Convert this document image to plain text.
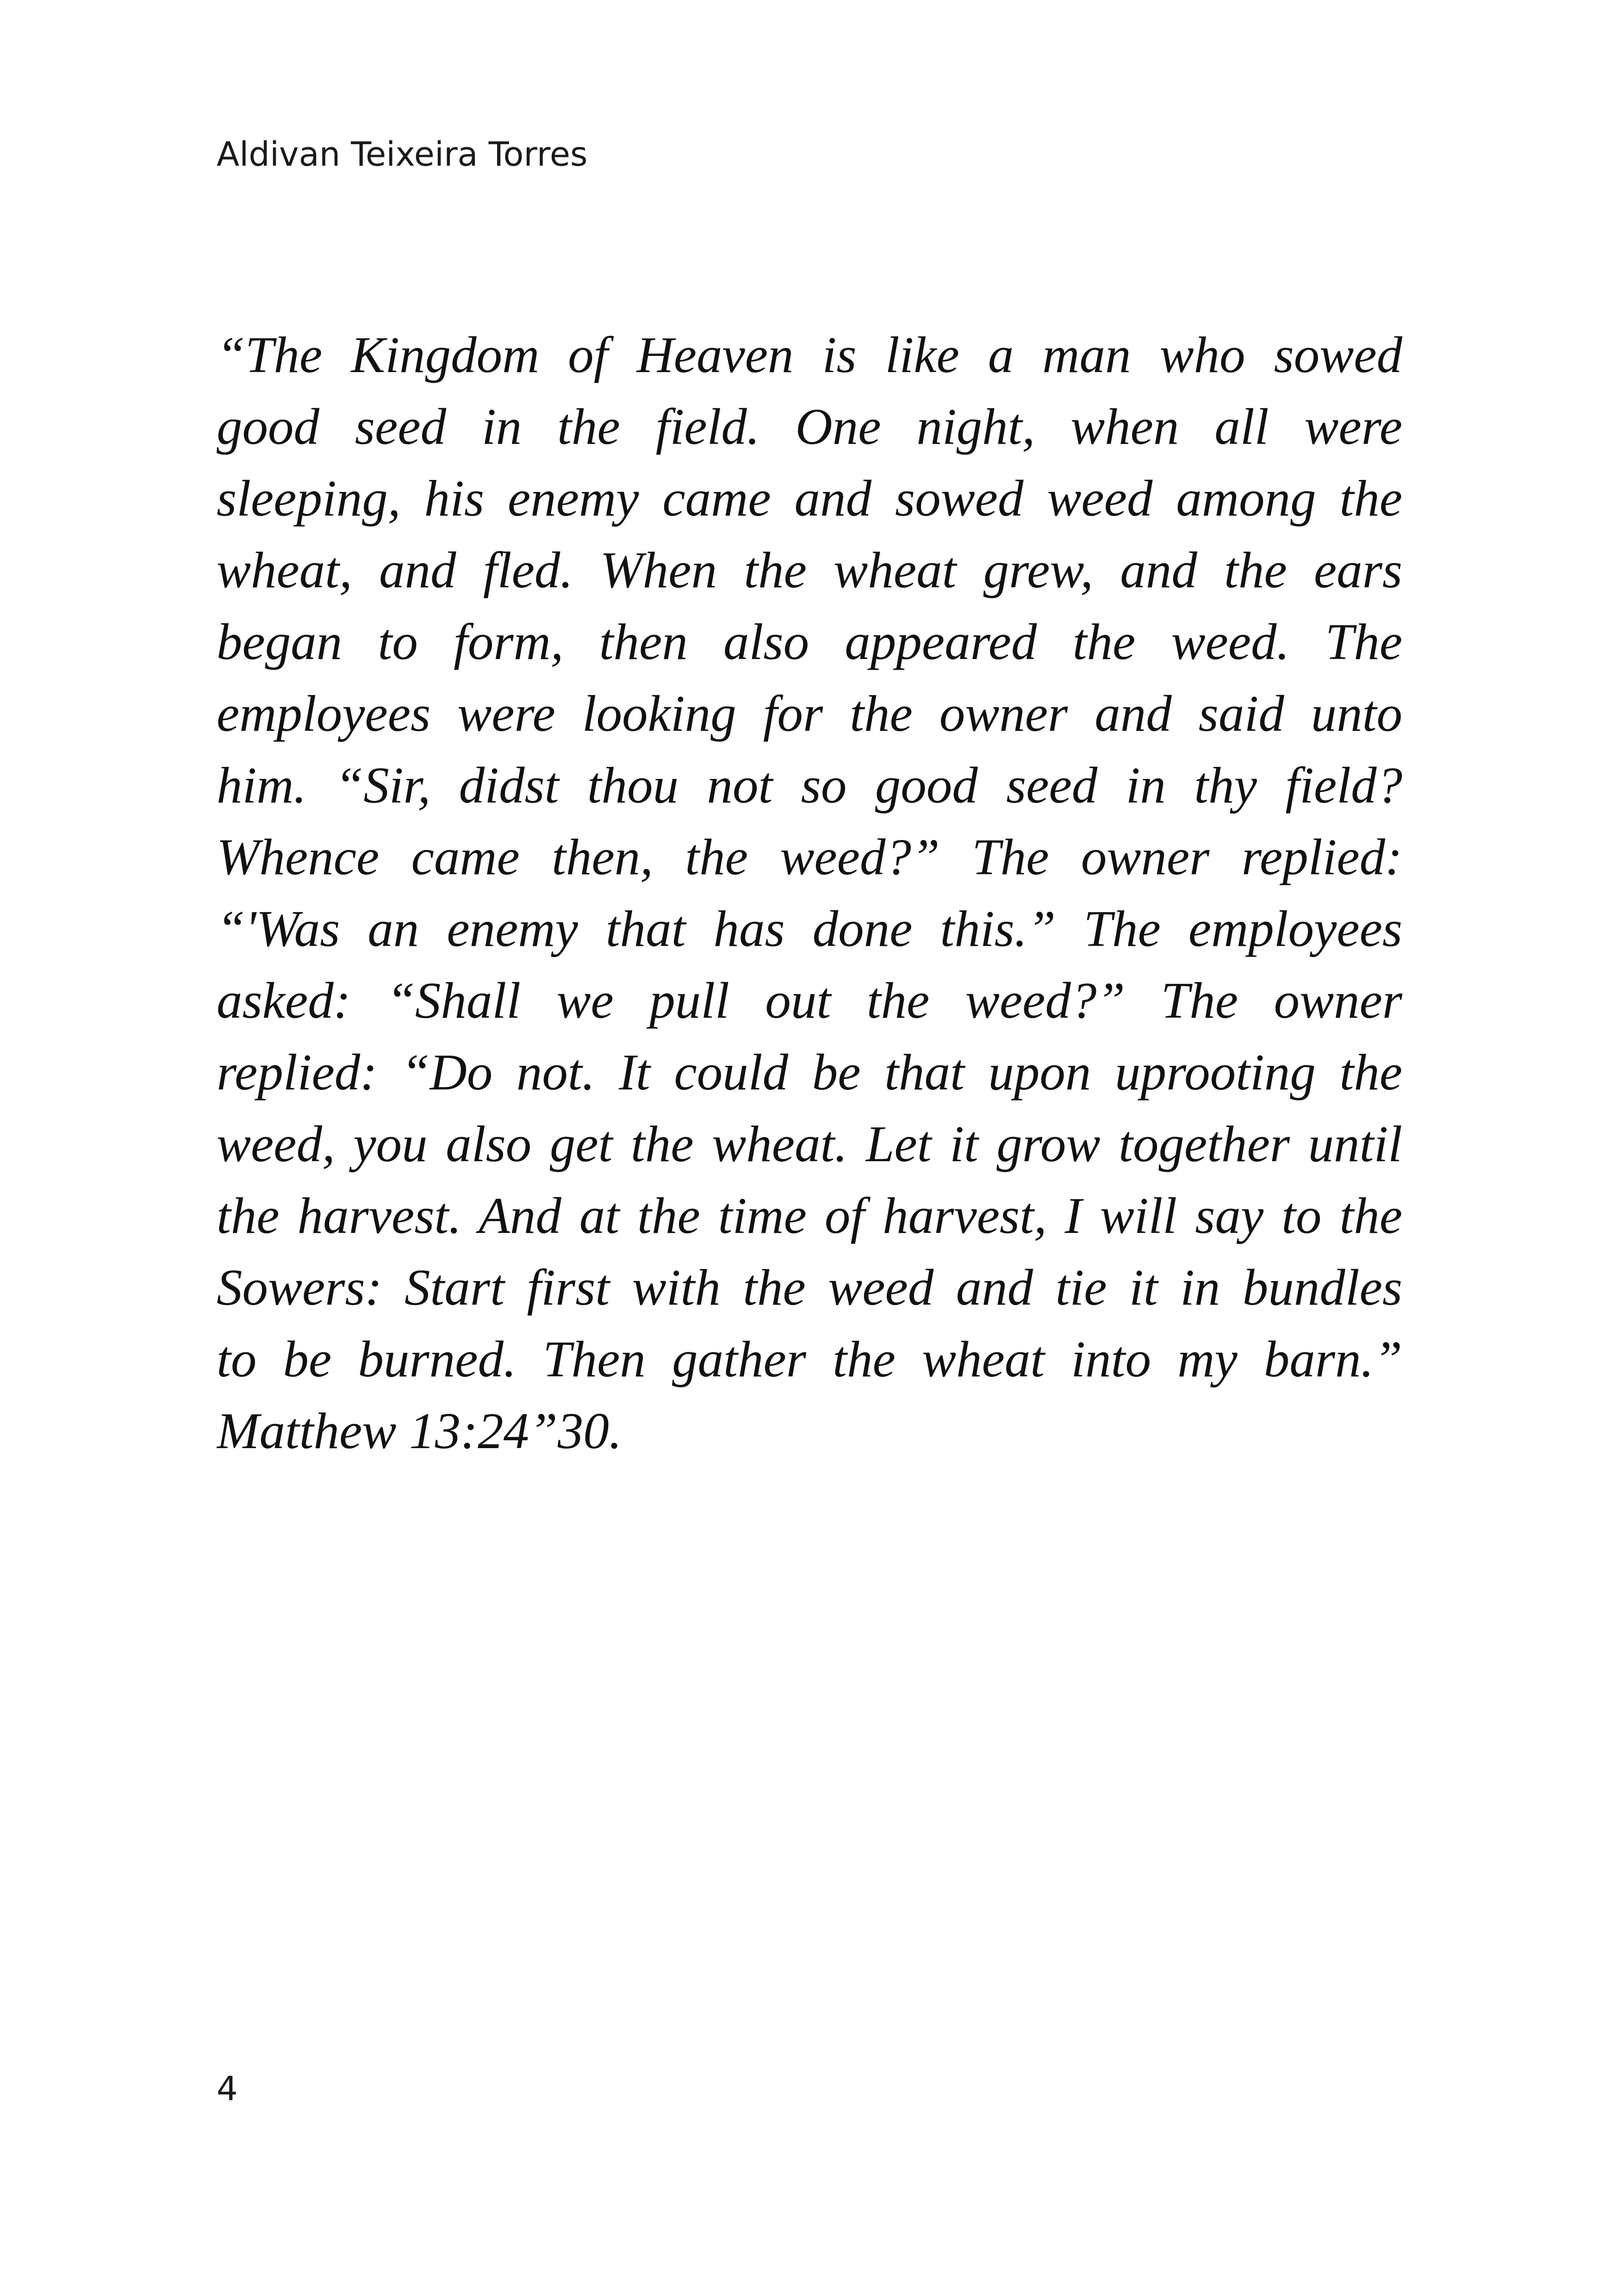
Aldivan Teixeira Torres
“The Kingdom of Heaven is like a man who sowed
good seed in the field. One night, when all were
sleeping, his enemy came and sowed weed among the
wheat, and fled. When the wheat grew, and the ears
began to form, then also appeared the weed. The
employees were looking for the owner and said unto
him. “Sir, didst thou not so good seed in thy field?
Whence came then, the weed?” The owner replied:
“'Was an enemy that has done this.” The employees
asked: “Shall we pull out the weed?” The owner
replied: “Do not. It could be that upon uprooting the
weed, you also get the wheat. Let it grow together until
the harvest. And at the time of harvest, I will say to the
Sowers: Start first with the weed and tie it in bundles
to be burned. Then gather the wheat into my barn.”
Matthew 13:24”30.
4
